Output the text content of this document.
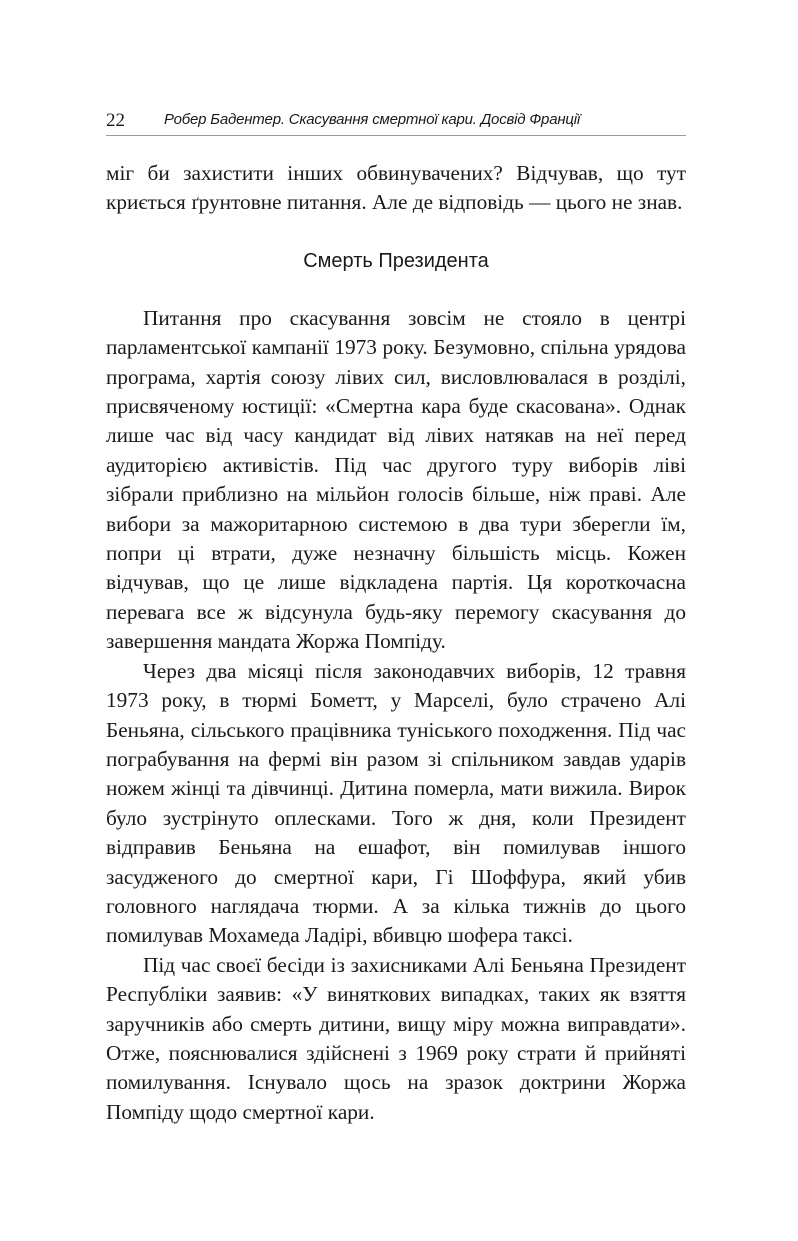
22	Робер Бадентер. Скасування смертної кари. Досвід Франції

міг би захистити інших обвинувачених? Відчував, що тут криється ґрунтовне питання. Але де відповідь — цього не знав.

Смерть Президента

Питання про скасування зовсім не стояло в центрі парламентської кампанії 1973 року. Безумовно, спільна урядова програма, хартія союзу лівих сил, висловлювалася в розділі, присвяченому юстиції: «Смертна кара буде скасована». Однак лише час від часу кандидат від лівих натякав на неї перед аудиторією активістів. Під час другого туру виборів ліві зібрали приблизно на мільйон голосів більше, ніж праві. Але вибори за мажоритарною системою в два тури зберегли їм, попри ці втрати, дуже незначну більшість місць. Кожен відчував, що це лише відкладена партія. Ця короткочасна перевага все ж відсунула будь-яку перемогу скасування до завершення мандата Жоржа Помпіду.

Через два місяці після законодавчих виборів, 12 травня 1973 року, в тюрмі Бометт, у Марселі, було страчено Алі Беньяна, сільського працівника туніського походження. Під час пограбування на фермі він разом зі спільником завдав ударів ножем жінці та дівчинці. Дитина померла, мати вижила. Вирок було зустрінуто оплесками. Того ж дня, коли Президент відправив Беньяна на ешафот, він помилував іншого засудженого до смертної кари, Гі Шоффура, який убив головного наглядача тюрми. А за кілька тижнів до цього помилував Мохамеда Ладірі, вбивцю шофера таксі.

Під час своєї бесіди із захисниками Алі Беньяна Президент Республіки заявив: «У виняткових випадках, таких як взяття заручників або смерть дитини, вищу міру можна виправдати». Отже, пояснювалися здійснені з 1969 року страти й прийняті помилування. Існувало щось на зразок доктрини Жоржа Помпіду щодо смертної кари.
